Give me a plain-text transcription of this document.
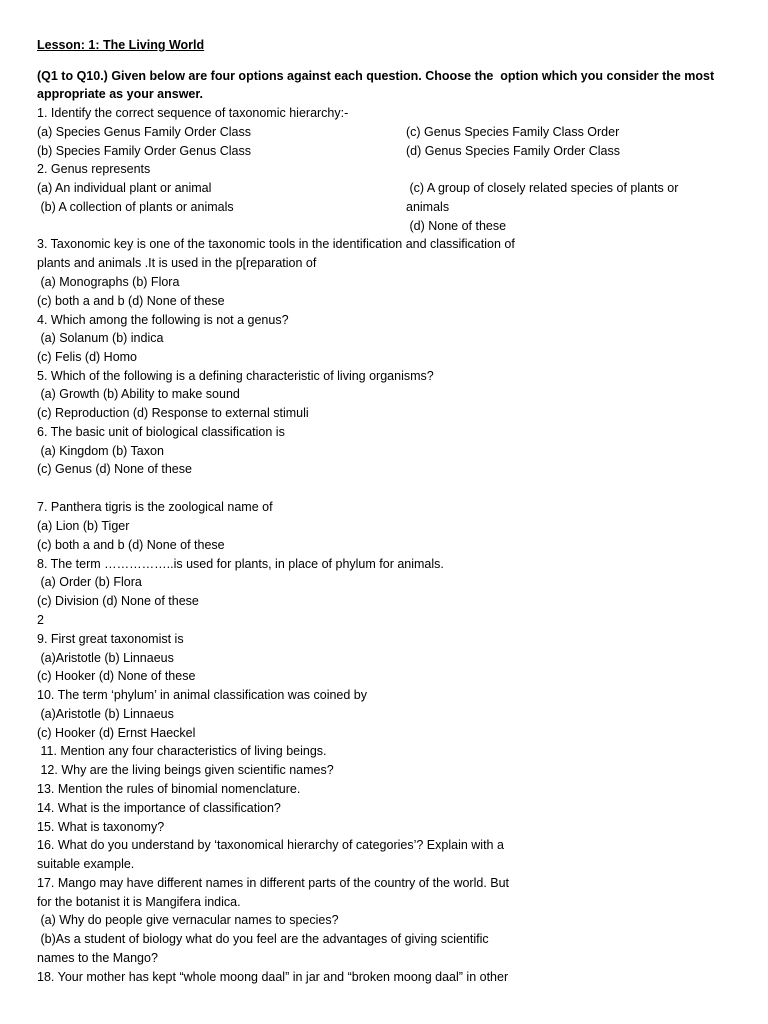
Lesson: 1: The Living World
(Q1 to Q10.) Given below are four options against each question. Choose the  option which you consider the most
appropriate as your answer.
1. Identify the correct sequence of taxonomic hierarchy:-
(a) Species Genus Family Order Class	(c) Genus Species Family Class Order
(b) Species Family Order Genus Class	(d) Genus Species Family Order Class
2. Genus represents
(a) An individual plant or animal	(c) A group of closely related species of plants or
(b) A collection of plants or animals	animals
(d) None of these
3. Taxonomic key is one of the taxonomic tools in the identification and classification of
plants and animals .It is used in the p[reparation of
(a) Monographs (b) Flora
(c) both a and b (d) None of these
4. Which among the following is not a genus?
(a) Solanum (b) indica
(c) Felis (d) Homo
5. Which of the following is a defining characteristic of living organisms?
(a) Growth (b) Ability to make sound
(c) Reproduction (d) Response to external stimuli
6. The basic unit of biological classification is
(a) Kingdom (b) Taxon
(c) Genus (d) None of these
7. Panthera tigris is the zoological name of
(a) Lion (b) Tiger
(c) both a and b (d) None of these
8. The term ……………..is used for plants, in place of phylum for animals.
(a) Order (b) Flora
(c) Division (d) None of these
2
9. First great taxonomist is
(a)Aristotle (b) Linnaeus
(c) Hooker (d) None of these
10. The term ‘phylum’ in animal classification was coined by
(a)Aristotle (b) Linnaeus
(c) Hooker (d) Ernst Haeckel
11. Mention any four characteristics of living beings.
12. Why are the living beings given scientific names?
13. Mention the rules of binomial nomenclature.
14. What is the importance of classification?
15. What is taxonomy?
16. What do you understand by ‘taxonomical hierarchy of categories’? Explain with a
suitable example.
17. Mango may have different names in different parts of the country of the world. But
for the botanist it is Mangifera indica.
(a) Why do people give vernacular names to species?
(b)As a student of biology what do you feel are the advantages of giving scientific
names to the Mango?
18. Your mother has kept “whole moong daal” in jar and “broken moong daal” in other
